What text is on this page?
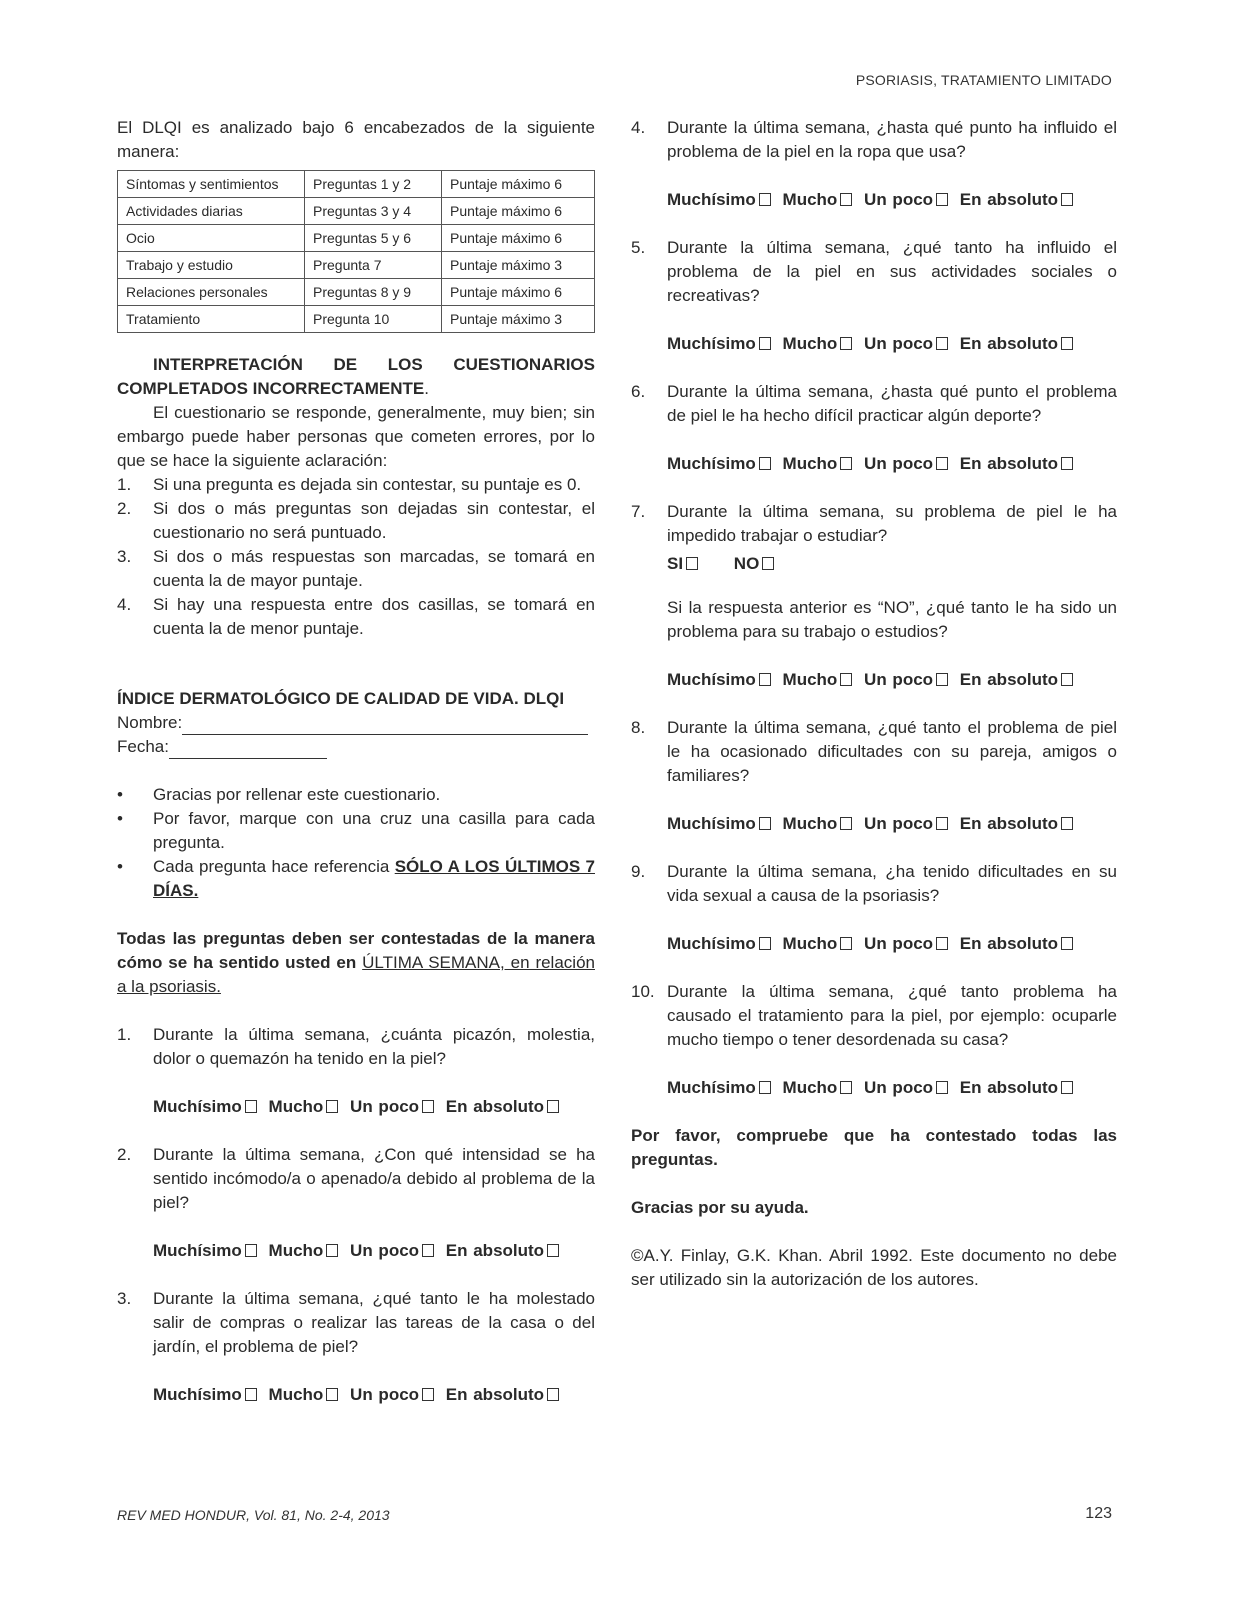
PSORIASIS, TRATAMIENTO LIMITADO

El DLQI es analizado bajo 6 encabezados de la siguiente manera:

Síntomas y sentimientos	Preguntas 1 y 2	Puntaje máximo 6
Actividades diarias	Preguntas 3 y 4	Puntaje máximo 6
Ocio	Preguntas 5 y 6	Puntaje máximo 6
Trabajo y estudio	Pregunta 7	Puntaje máximo 3
Relaciones personales	Preguntas 8 y 9	Puntaje máximo 6
Tratamiento	Pregunta 10	Puntaje máximo 3

INTERPRETACIÓN DE LOS CUESTIONARIOS COMPLETADOS INCORRECTAMENTE.

El cuestionario se responde, generalmente, muy bien; sin embargo puede haber personas que cometen errores, por lo que se hace la siguiente aclaración:

1.	Si una pregunta es dejada sin contestar, su puntaje es 0.
2.	Si dos o más preguntas son dejadas sin contestar, el cuestionario no será puntuado.
3.	Si dos o más respuestas son marcadas, se tomará en cuenta la de mayor puntaje.
4.	Si hay una respuesta entre dos casillas, se tomará en cuenta la de menor puntaje.

ÍNDICE DERMATOLÓGICO DE CALIDAD DE VIDA. DLQI

Nombre:

Fecha:

•	Gracias por rellenar este cuestionario.
•	Por favor, marque con una cruz una casilla para cada pregunta.
•	Cada pregunta hace referencia SÓLO A LOS ÚLTIMOS 7 DÍAS.

Todas las preguntas deben ser contestadas de la manera cómo se ha sentido usted en ÚLTIMA SEMANA, en relación a la psoriasis.

1.	Durante la última semana, ¿cuánta picazón, molestia, dolor o quemazón ha tenido en la piel?

Muchísimo Mucho Un poco En absoluto

2.	Durante la última semana, ¿Con qué intensidad se ha sentido incómodo/a o apenado/a debido al problema de la piel?

Muchísimo Mucho Un poco En absoluto

3.	Durante la última semana, ¿qué tanto le ha molestado salir de compras o realizar las tareas de la casa o del jardín, el problema de piel?

Muchísimo Mucho Un poco En absoluto

4.	Durante la última semana, ¿hasta qué punto ha influido el problema de la piel en la ropa que usa?

Muchísimo Mucho Un poco En absoluto

5.	Durante la última semana, ¿qué tanto ha influido el problema de la piel en sus actividades sociales o recreativas?

Muchísimo Mucho Un poco En absoluto

6.	Durante la última semana, ¿hasta qué punto el problema de piel le ha hecho difícil practicar algún deporte?

Muchísimo Mucho Un poco En absoluto

7.	Durante la última semana, su problema de piel le ha impedido trabajar o estudiar?

SI	NO

Si la respuesta anterior es “NO”, ¿qué tanto le ha sido un problema para su trabajo o estudios?

Muchísimo Mucho Un poco En absoluto

8.	Durante la última semana, ¿qué tanto el problema de piel le ha ocasionado dificultades con su pareja, amigos o familiares?

Muchísimo Mucho Un poco En absoluto

9.	Durante la última semana, ¿ha tenido dificultades en su vida sexual a causa de la psoriasis?

Muchísimo Mucho Un poco En absoluto

10. Durante la última semana, ¿qué tanto problema ha causado el tratamiento para la piel, por ejemplo: ocuparle mucho tiempo o tener desordenada su casa?

Muchísimo Mucho Un poco En absoluto

Por favor, compruebe que ha contestado todas las preguntas.

Gracias por su ayuda.

©A.Y. Finlay, G.K. Khan. Abril 1992. Este documento no debe ser utilizado sin la autorización de los autores.

REV MED HONDUR, Vol. 81, No. 2-4, 2013	123
